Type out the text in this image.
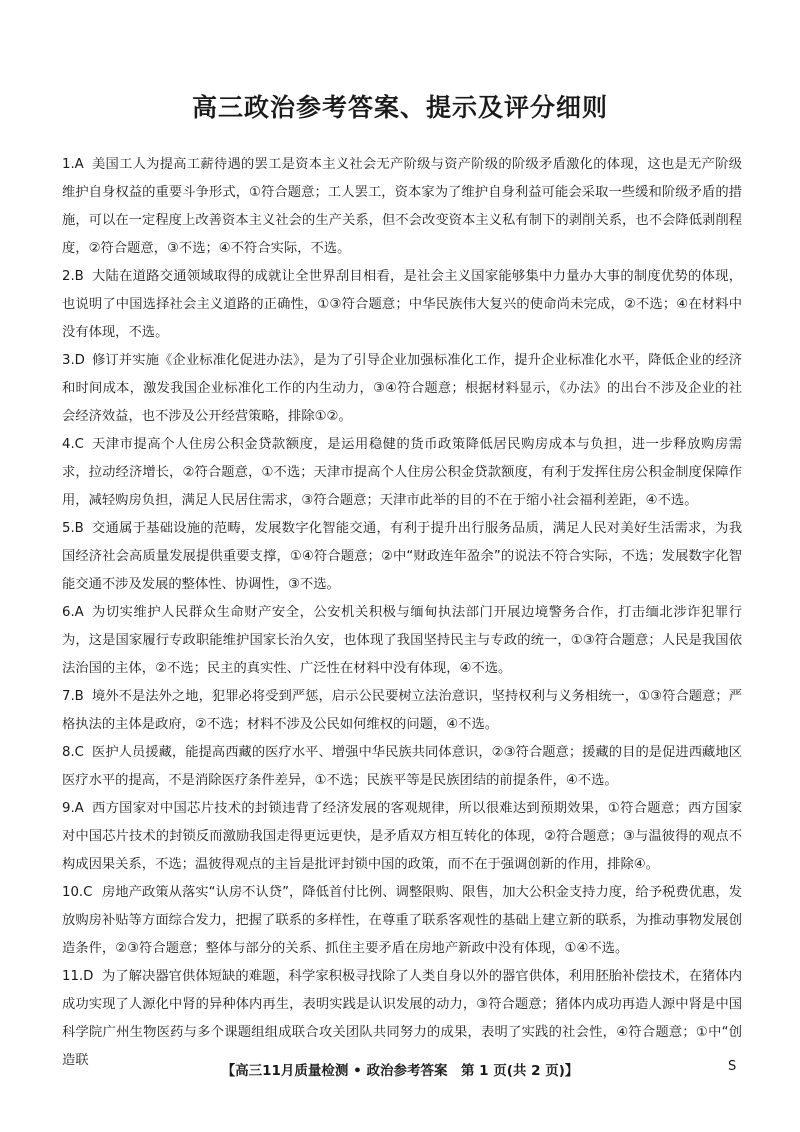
高三政治参考答案、提示及评分细则
1.A 美国工人为提高工薪待遇的罢工是资本主义社会无产阶级与资产阶级的阶级矛盾激化的体现，这也是无产阶级维护自身权益的重要斗争形式，①符合题意；工人罢工，资本家为了维护自身利益可能会采取一些缓和阶级矛盾的措施，可以在一定程度上改善资本主义社会的生产关系，但不会改变资本主义私有制下的剥削关系，也不会降低剥削程度，②符合题意，③不选；④不符合实际，不选。
2.B 大陆在道路交通领域取得的成就让全世界刮目相看，是社会主义国家能够集中力量办大事的制度优势的体现，也说明了中国选择社会主义道路的正确性，①③符合题意；中华民族伟大复兴的使命尚未完成，②不选；④在材料中没有体现，不选。
3.D 修订并实施《企业标准化促进办法》，是为了引导企业加强标准化工作，提升企业标准化水平，降低企业的经济和时间成本，激发我国企业标准化工作的内生动力，③④符合题意；根据材料显示，《办法》的出台不涉及企业的社会经济效益，也不涉及公开经营策略，排除①②。
4.C 天津市提高个人住房公积金贷款额度，是运用稳健的货币政策降低居民购房成本与负担，进一步释放购房需求，拉动经济增长，②符合题意，①不选；天津市提高个人住房公积金贷款额度，有利于发挥住房公积金制度保障作用，减轻购房负担，满足人民居住需求，③符合题意；天津市此举的目的不在于缩小社会福利差距，④不选。
5.B 交通属于基础设施的范畴，发展数字化智能交通，有利于提升出行服务品质，满足人民对美好生活需求，为我国经济社会高质量发展提供重要支撑，①④符合题意；②中“财政连年盈余”的说法不符合实际，不选；发展数字化智能交通不涉及发展的整体性、协调性，③不选。
6.A 为切实维护人民群众生命财产安全，公安机关积极与缅甸执法部门开展边境警务合作，打击缅北涉诈犯罪行为，这是国家履行专政职能维护国家长治久安，也体现了我国坚持民主与专政的统一，①③符合题意；人民是我国依法治国的主体，②不选；民主的真实性、广泛性在材料中没有体现，④不选。
7.B 境外不是法外之地，犯罪必将受到严惩，启示公民要树立法治意识，坚持权利与义务相统一，①③符合题意；严格执法的主体是政府，②不选；材料不涉及公民如何维权的问题，④不选。
8.C 医护人员援藏，能提高西藏的医疗水平、增强中华民族共同体意识，②③符合题意；援藏的目的是促进西藏地区医疗水平的提高，不是消除医疗条件差异，①不选；民族平等是民族团结的前提条件，④不选。
9.A 西方国家对中国芯片技术的封锁违背了经济发展的客观规律，所以很难达到预期效果，①符合题意；西方国家对中国芯片技术的封锁反而激励我国走得更远更快，是矛盾双方相互转化的体现，②符合题意；③与温彼得的观点不构成因果关系，不选；温彼得观点的主旨是批评封锁中国的政策，而不在于强调创新的作用，排除④。
10.C 房地产政策从落实“认房不认贷”，降低首付比例、调整限购、限售，加大公积金支持力度，给予税费优惠，发放购房补贴等方面综合发力，把握了联系的多样性，在尊重了联系客观性的基础上建立新的联系，为推动事物发展创造条件，②③符合题意；整体与部分的关系、抓住主要矛盾在房地产新政中没有体现，①④不选。
11.D 为了解决器官供体短缺的难题，科学家积极寻找除了人类自身以外的器官供体，利用胚胎补偿技术，在猪体内成功实现了人源化中肾的异种体内再生，表明实践是认识发展的动力，③符合题意；猪体内成功再造人源中肾是中国科学院广州生物医药与多个课题组组成联合攻关团队共同努力的成果，表明了实践的社会性，④符合题意；①中“创造联
【高三11月质量检测 • 政治参考答案　第 1 页(共 2 页)】	S
